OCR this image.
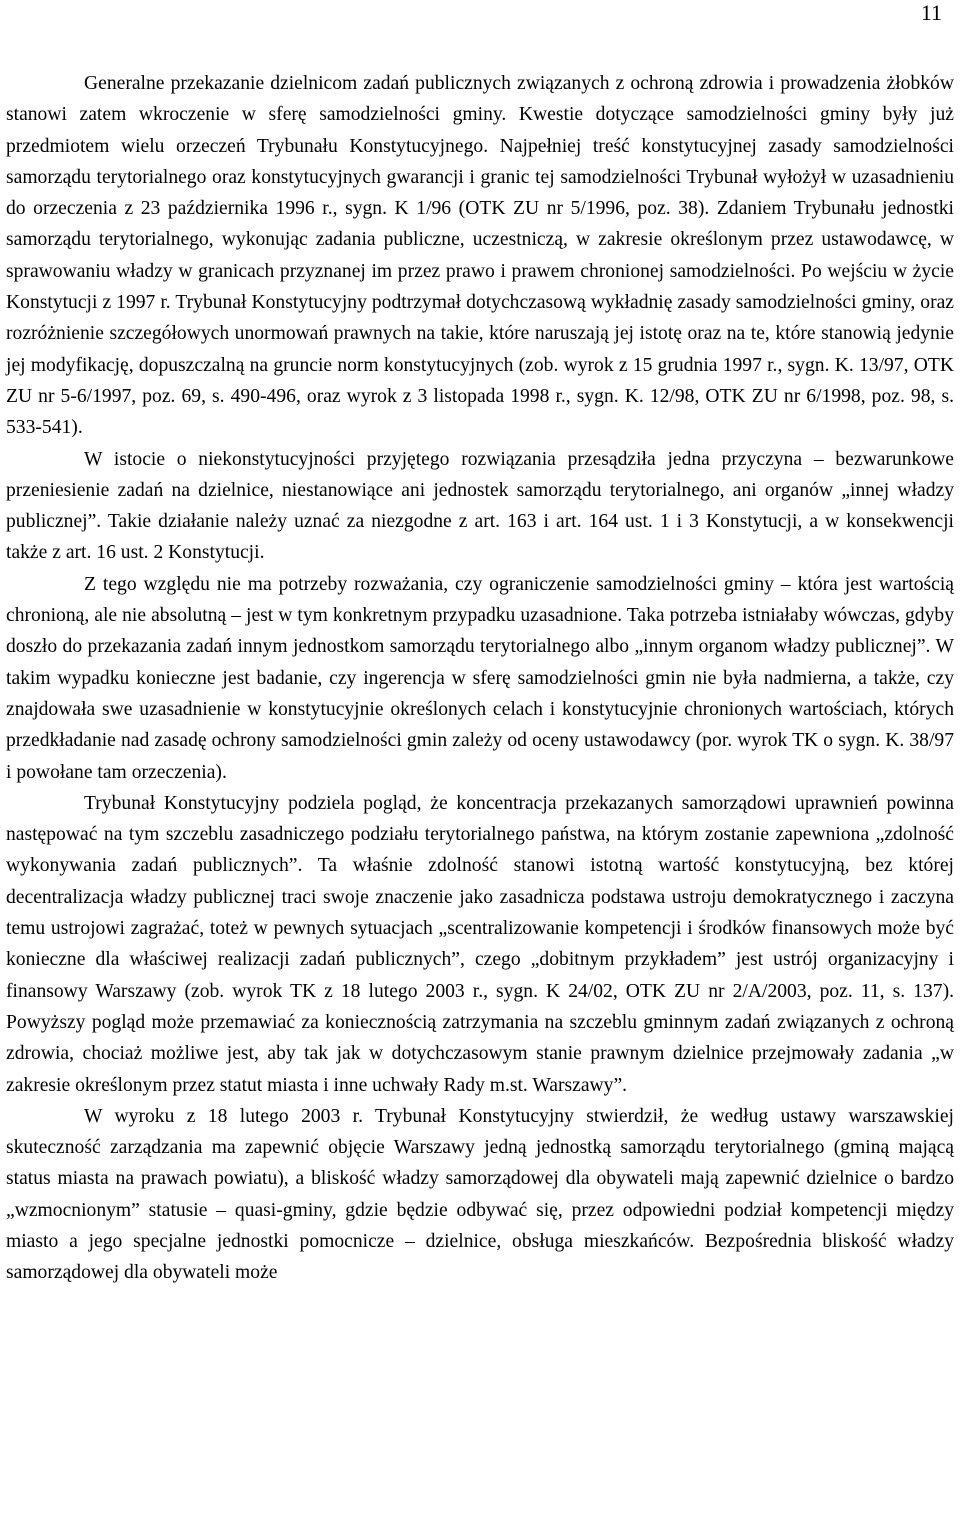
11

Generalne przekazanie dzielnicom zadań publicznych związanych z ochroną zdrowia i prowadzenia żłobków stanowi zatem wkroczenie w sferę samodzielności gminy. Kwestie dotyczące samodzielności gminy były już przedmiotem wielu orzeczeń Trybunału Konstytucyjnego. Najpełniej treść konstytucyjnej zasady samodzielności samorządu terytorialnego oraz konstytucyjnych gwarancji i granic tej samodzielności Trybunał wyłożył w uzasadnieniu do orzeczenia z 23 października 1996 r., sygn. K 1/96 (OTK ZU nr 5/1996, poz. 38). Zdaniem Trybunału jednostki samorządu terytorialnego, wykonując zadania publiczne, uczestniczą, w zakresie określonym przez ustawodawcę, w sprawowaniu władzy w granicach przyznanej im przez prawo i prawem chronionej samodzielności. Po wejściu w życie Konstytucji z 1997 r. Trybunał Konstytucyjny podtrzymał dotychczasową wykładnię zasady samodzielności gminy, oraz rozróżnienie szczegółowych unormowań prawnych na takie, które naruszają jej istotę oraz na te, które stanowią jedynie jej modyfikację, dopuszczalną na gruncie norm konstytucyjnych (zob. wyrok z 15 grudnia 1997 r., sygn. K. 13/97, OTK ZU nr 5-6/1997, poz. 69, s. 490-496, oraz wyrok z 3 listopada 1998 r., sygn. K. 12/98, OTK ZU nr 6/1998, poz. 98, s. 533-541).

W istocie o niekonstytucyjności przyjętego rozwiązania przesądziła jedna przyczyna – bezwarunkowe przeniesienie zadań na dzielnice, niestanowiące ani jednostek samorządu terytorialnego, ani organów „innej władzy publicznej”. Takie działanie należy uznać za niezgodne z art. 163 i art. 164 ust. 1 i 3 Konstytucji, a w konsekwencji także z art. 16 ust. 2 Konstytucji.

Z tego względu nie ma potrzeby rozważania, czy ograniczenie samodzielności gminy – która jest wartością chronioną, ale nie absolutną – jest w tym konkretnym przypadku uzasadnione. Taka potrzeba istniałaby wówczas, gdyby doszło do przekazania zadań innym jednostkom samorządu terytorialnego albo „innym organom władzy publicznej”. W takim wypadku konieczne jest badanie, czy ingerencja w sferę samodzielności gmin nie była nadmierna, a także, czy znajdowała swe uzasadnienie w konstytucyjnie określonych celach i konstytucyjnie chronionych wartościach, których przedkładanie nad zasadę ochrony samodzielności gmin zależy od oceny ustawodawcy (por. wyrok TK o sygn. K. 38/97 i powołane tam orzeczenia).

Trybunał Konstytucyjny podziela pogląd, że koncentracja przekazanych samorządowi uprawnień powinna następować na tym szczeblu zasadniczego podziału terytorialnego państwa, na którym zostanie zapewniona „zdolność wykonywania zadań publicznych”. Ta właśnie zdolność stanowi istotną wartość konstytucyjną, bez której decentralizacja władzy publicznej traci swoje znaczenie jako zasadnicza podstawa ustroju demokratycznego i zaczyna temu ustrojowi zagrażać, toteż w pewnych sytuacjach „scentralizowanie kompetencji i środków finansowych może być konieczne dla właściwej realizacji zadań publicznych”, czego „dobitnym przykładem” jest ustrój organizacyjny i finansowy Warszawy (zob. wyrok TK z 18 lutego 2003 r., sygn. K 24/02, OTK ZU nr 2/A/2003, poz. 11, s. 137). Powyższy pogląd może przemawiać za koniecznością zatrzymania na szczeblu gminnym zadań związanych z ochroną zdrowia, chociaż możliwe jest, aby tak jak w dotychczasowym stanie prawnym dzielnice przejmowały zadania „w zakresie określonym przez statut miasta i inne uchwały Rady m.st. Warszawy”.

W wyroku z 18 lutego 2003 r. Trybunał Konstytucyjny stwierdził, że według ustawy warszawskiej skuteczność zarządzania ma zapewnić objęcie Warszawy jedną jednostką samorządu terytorialnego (gminą mającą status miasta na prawach powiatu), a bliskość władzy samorządowej dla obywateli mają zapewnić dzielnice o bardzo „wzmocnionym” statusie – quasi-gminy, gdzie będzie odbywać się, przez odpowiedni podział kompetencji między miasto a jego specjalne jednostki pomocnicze – dzielnice, obsługa mieszkańców. Bezpośrednia bliskość władzy samorządowej dla obywateli może
